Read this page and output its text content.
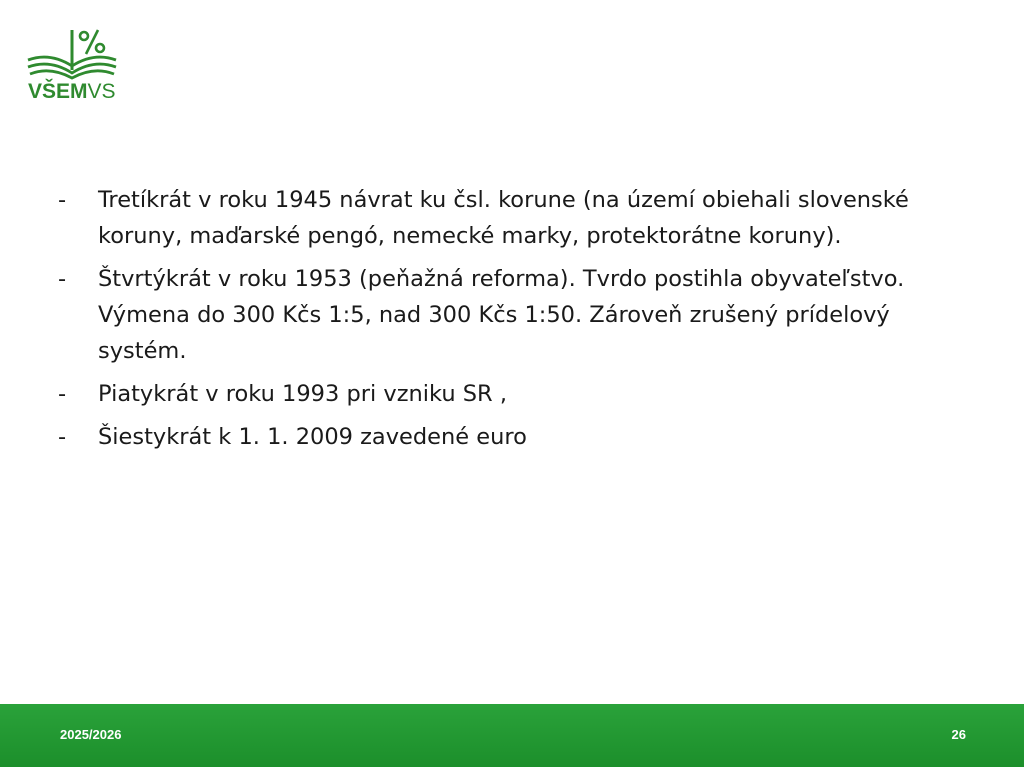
VŠEMVS
-	Tretíkrát v roku 1945 návrat ku čsl. korune (na území obiehali slovenské koruny, maďarské pengó, nemecké marky, protektorátne koruny).
-	Štvrtýkrát v roku 1953 (peňažná reforma). Tvrdo postihla obyvateľstvo. Výmena do 300 Kčs 1:5, nad 300 Kčs 1:50. Zároveň zrušený prídelový systém.
-	Piatykrát v roku 1993 pri vzniku SR ,
-	Šiestykrát k 1. 1. 2009 zavedené euro
2025/2026	26
